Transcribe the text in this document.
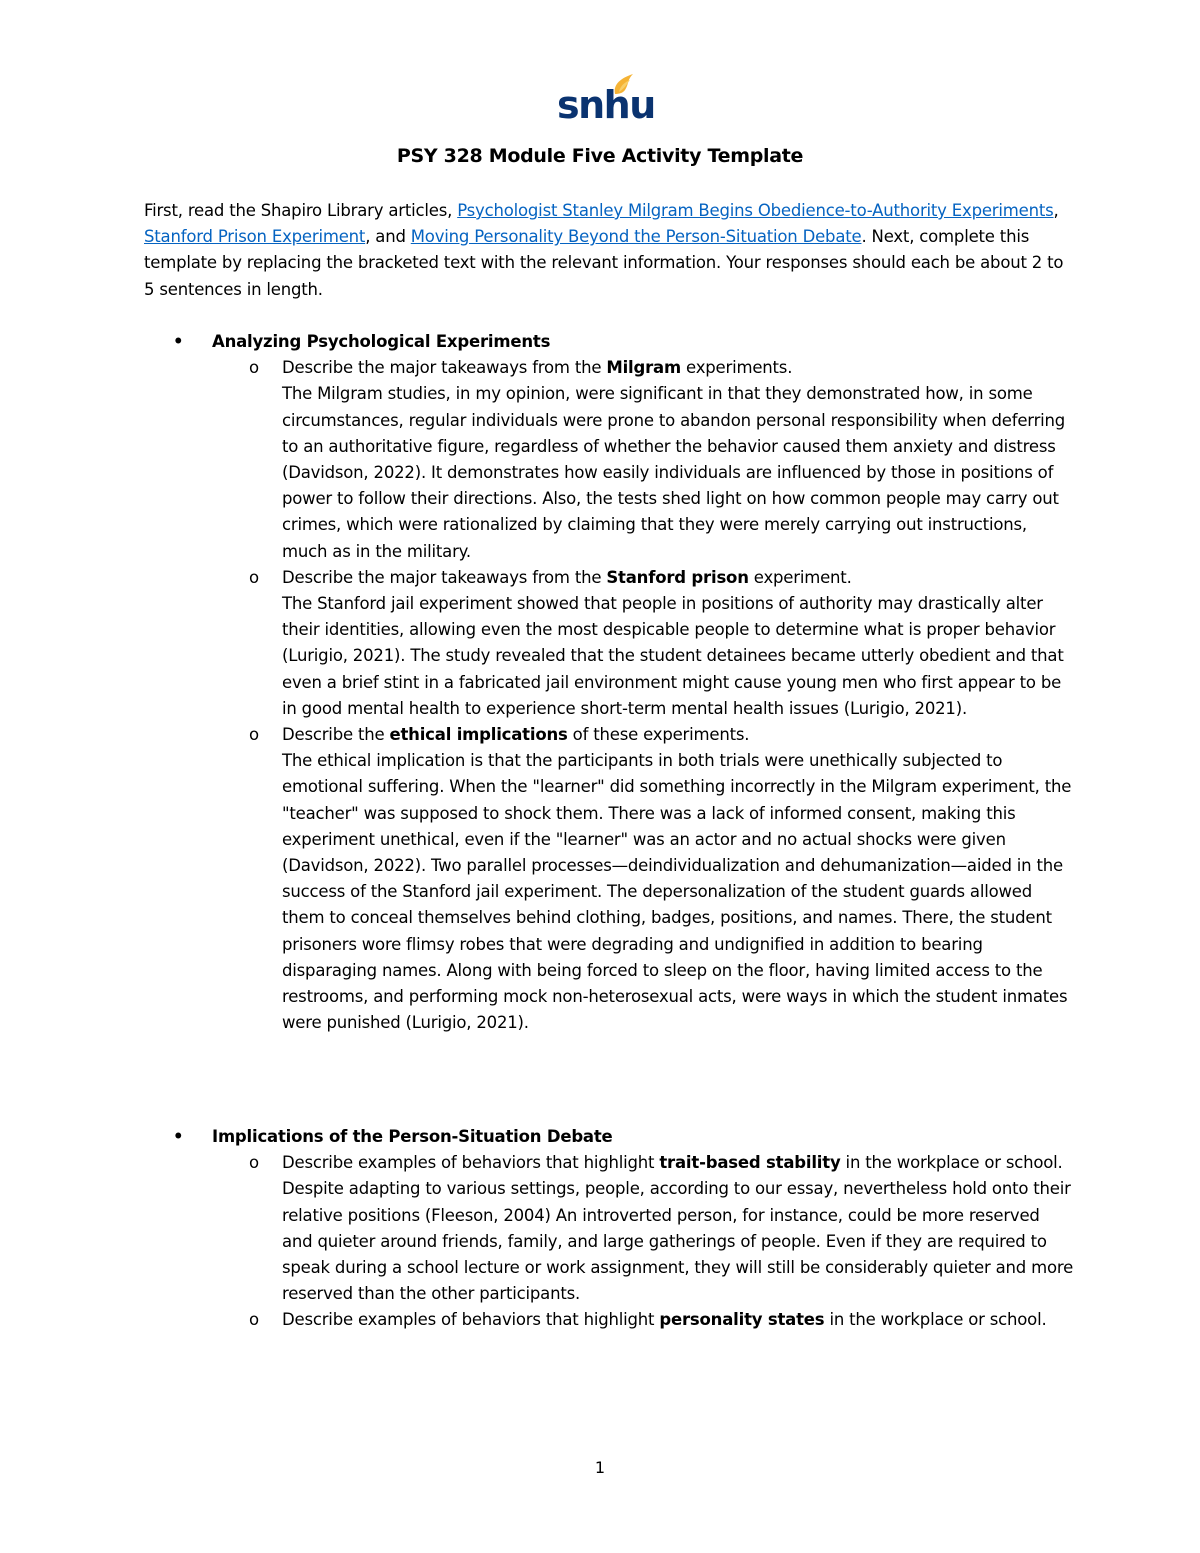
snhu
PSY 328 Module Five Activity Template
First, read the Shapiro Library articles, Psychologist Stanley Milgram Begins Obedience-to-Authority Experiments, Stanford Prison Experiment, and Moving Personality Beyond the Person-Situation Debate. Next, complete this template by replacing the bracketed text with the relevant information. Your responses should each be about 2 to 5 sentences in length.
• Analyzing Psychological Experiments
o Describe the major takeaways from the Milgram experiments.
The Milgram studies, in my opinion, were significant in that they demonstrated how, in some circumstances, regular individuals were prone to abandon personal responsibility when deferring to an authoritative figure, regardless of whether the behavior caused them anxiety and distress (Davidson, 2022). It demonstrates how easily individuals are influenced by those in positions of power to follow their directions. Also, the tests shed light on how common people may carry out crimes, which were rationalized by claiming that they were merely carrying out instructions, much as in the military.
o Describe the major takeaways from the Stanford prison experiment.
The Stanford jail experiment showed that people in positions of authority may drastically alter their identities, allowing even the most despicable people to determine what is proper behavior (Lurigio, 2021). The study revealed that the student detainees became utterly obedient and that even a brief stint in a fabricated jail environment might cause young men who first appear to be in good mental health to experience short-term mental health issues (Lurigio, 2021).
o Describe the ethical implications of these experiments.
The ethical implication is that the participants in both trials were unethically subjected to emotional suffering. When the "learner" did something incorrectly in the Milgram experiment, the "teacher" was supposed to shock them. There was a lack of informed consent, making this experiment unethical, even if the "learner" was an actor and no actual shocks were given (Davidson, 2022). Two parallel processes—deindividualization and dehumanization—aided in the success of the Stanford jail experiment. The depersonalization of the student guards allowed them to conceal themselves behind clothing, badges, positions, and names. There, the student prisoners wore flimsy robes that were degrading and undignified in addition to bearing disparaging names. Along with being forced to sleep on the floor, having limited access to the restrooms, and performing mock non-heterosexual acts, were ways in which the student inmates were punished (Lurigio, 2021).
• Implications of the Person-Situation Debate
o Describe examples of behaviors that highlight trait-based stability in the workplace or school.
Despite adapting to various settings, people, according to our essay, nevertheless hold onto their relative positions (Fleeson, 2004) An introverted person, for instance, could be more reserved and quieter around friends, family, and large gatherings of people. Even if they are required to speak during a school lecture or work assignment, they will still be considerably quieter and more reserved than the other participants.
o Describe examples of behaviors that highlight personality states in the workplace or school.
1
